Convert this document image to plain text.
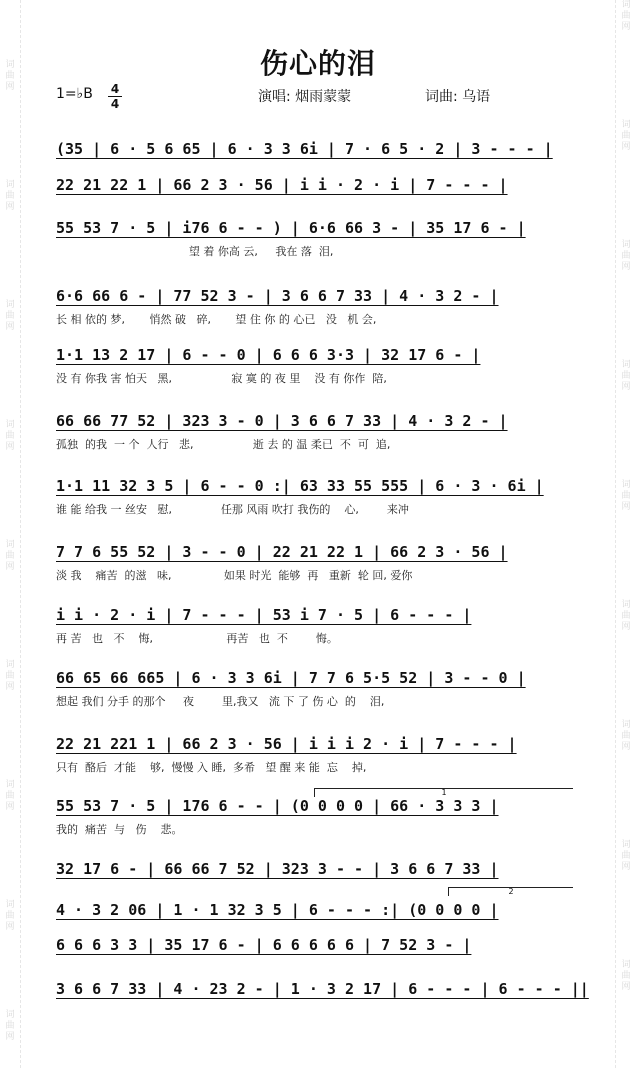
词曲网
词曲网
词曲网
词曲网
词曲网
词曲网
词曲网
词曲网
词曲网
词曲网
词曲网
词曲网
词曲网
词曲网
词曲网
词曲网
词曲网
词曲网
伤心的泪
1=♭B 4
4	演唱: 烟雨蒙蒙	词曲: 乌语
(35 | 6 · 5 6 65 | 6 · 3 3 6i | 7 · 6 5 · 2 | 3 - - - |
22 21 22 1 | 66 2 3 · 56 | i i · 2 · i | 7 - - - |
55 53 7 · 5 | i76 6 - - ) | 6·6 66 3 - | 35 17 6 - |
望 着 你高 云,     我在 落  泪,
6·6 66 6 - | 77 52 3 - | 3 6 6 7 33 | 4 · 3 2 - |
长 相 依的 梦,       悄然 破   碎,       望 住 你 的 心已   没   机 会,
1·1 13 2 17 | 6 - - 0 | 6 6 6 3·3 | 32 17 6 - |
没 有 你我 害 怕天   黑,                 寂 寞 的 夜 里    没 有 你作  陪,
66 66 77 52 | 323 3 - 0 | 3 6 6 7 33 | 4 · 3 2 - |
孤独  的我  一 个  人行   悲,                 逝 去 的 温 柔已  不  可  追,
1·1 11 32 3 5 | 6 - - 0 :| 63 33 55 555 | 6 · 3 · 6i |
谁 能 给我 一 丝安   慰,              任那 风雨 吹打 我伤的    心,        来冲
7 7 6 55 52 | 3 - - 0 | 22 21 22 1 | 66 2 3 · 56 |
淡 我    痛苦  的滋   味,               如果 时光  能够  再   重新  轮 回, 爱你
i i · 2 · i | 7 - - - | 53 i 7 · 5 | 6 - - - |
再 苦   也   不    悔,                     再苦   也  不        悔。
66 65 66 665 | 6 · 3 3 6i | 7 7 6 5·5 52 | 3 - - 0 |
想起 我们 分手 的那个     夜        里,我又   流 下 了 伤 心  的    泪,
22 21 221 1 | 66 2 3 · 56 | i i i 2 · i | 7 - - - |
只有  酪后  才能    够,  慢慢 入 睡,  多希   望 醒 来 能  忘    掉,
1
55 53 7 · 5 | 176 6 - - | (0 0 0 0 | 66 · 3 3 3 |
我的  痛苦  与   伤    悲。
32 17 6 - | 66 66 7 52 | 323 3 - - | 3 6 6 7 33 |
2
4 · 3 2 06 | 1 · 1 32 3 5 | 6 - - - :| (0 0 0 0 |
6 6 6 3 3 | 35 17 6 - | 6 6 6 6 6 | 7 52 3 - |
3 6 6 7 33 | 4 · 23 2 - | 1 · 3 2 17 | 6 - - - | 6 - - - ||
